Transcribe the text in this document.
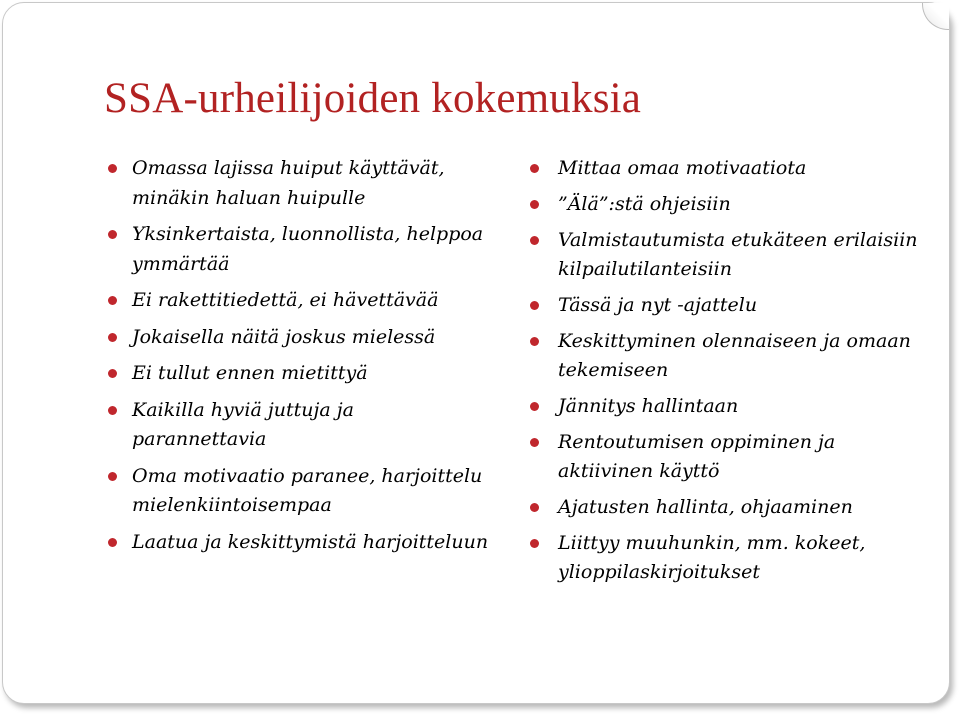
SSA-urheilijoiden kokemuksia
Omassa lajissa huiput käyttävät, minäkin haluan huipulle
Yksinkertaista, luonnollista, helppoa ymmärtää
Ei rakettitiedettä, ei hävettävää
Jokaisella näitä joskus mielessä
Ei tullut ennen mietittyä
Kaikilla hyviä juttuja ja parannettavia
Oma motivaatio paranee, harjoittelu mielenkiintoisempaa
Laatua ja keskittymistä harjoitteluun
Mittaa omaa motivaatiota
”Älä”:stä ohjeisiin
Valmistautumista etukäteen erilaisiin kilpailutilanteisiin
Tässä ja nyt -ajattelu
Keskittyminen olennaiseen ja omaan tekemiseen
Jännitys hallintaan
Rentoutumisen oppiminen ja aktiivinen käyttö
Ajatusten hallinta, ohjaaminen
Liittyy muuhunkin, mm. kokeet, ylioppilaskirjoitukset
